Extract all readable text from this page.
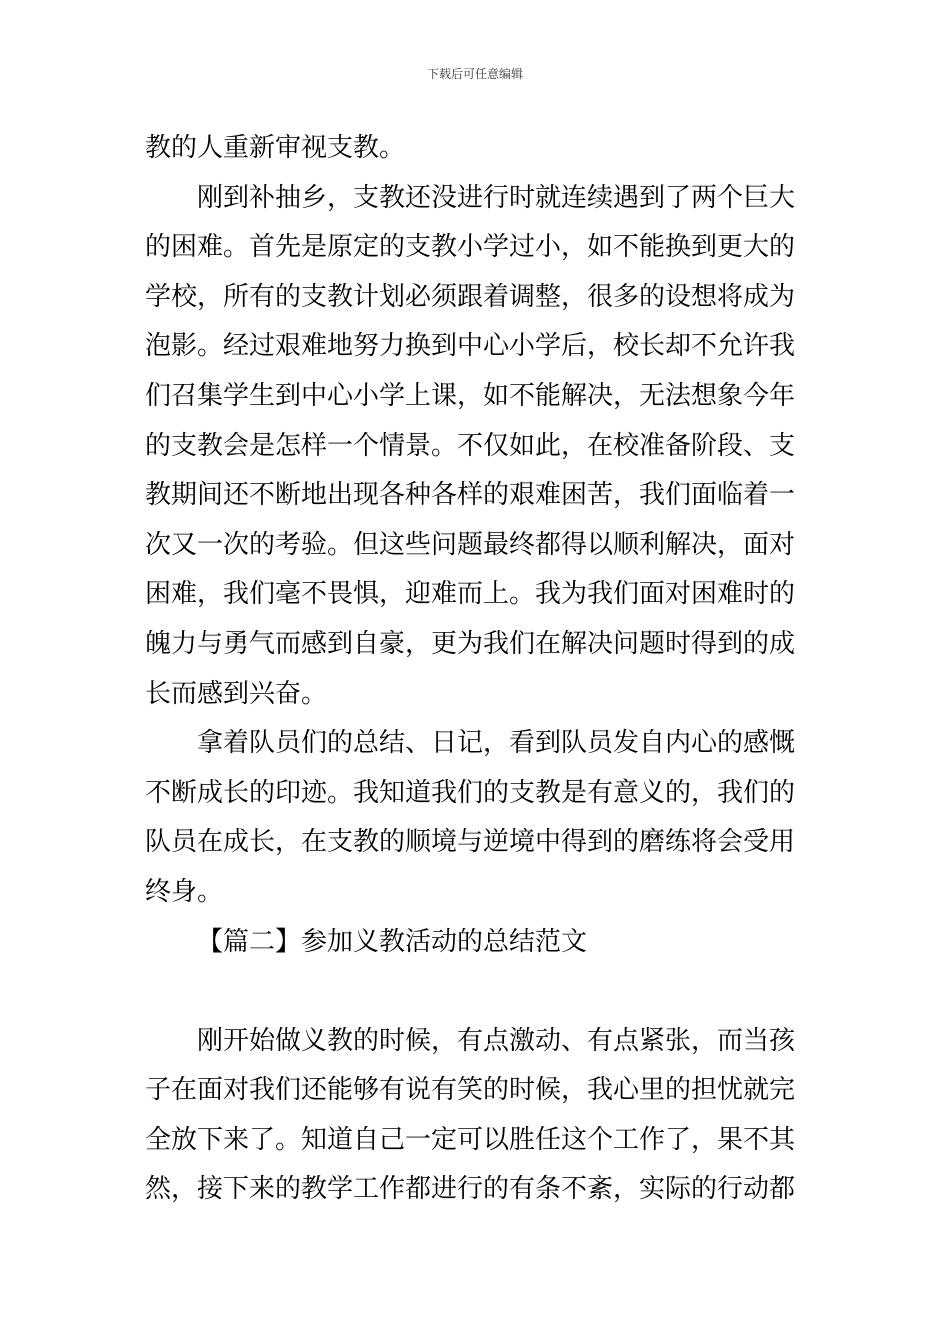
下载后可任意编辑
教的人重新审视支教。
刚到补抽乡，支教还没进行时就连续遇到了两个巨大
的困难。首先是原定的支教小学过小，如不能换到更大的
学校，所有的支教计划必须跟着调整，很多的设想将成为
泡影。经过艰难地努力换到中心小学后，校长却不允许我
们召集学生到中心小学上课，如不能解决，无法想象今年
的支教会是怎样一个情景。不仅如此，在校准备阶段、支
教期间还不断地出现各种各样的艰难困苦，我们面临着一
次又一次的考验。但这些问题最终都得以顺利解决，面对
困难，我们毫不畏惧，迎难而上。我为我们面对困难时的
魄力与勇气而感到自豪，更为我们在解决问题时得到的成
长而感到兴奋。
拿着队员们的总结、日记，看到队员发自内心的感慨
不断成长的印迹。我知道我们的支教是有意义的，我们的
队员在成长，在支教的顺境与逆境中得到的磨练将会受用
终身。
【篇二】参加义教活动的总结范文
刚开始做义教的时候，有点激动、有点紧张，而当孩
子在面对我们还能够有说有笑的时候，我心里的担忧就完
全放下来了。知道自己一定可以胜任这个工作了，果不其
然，接下来的教学工作都进行的有条不紊，实际的行动都
